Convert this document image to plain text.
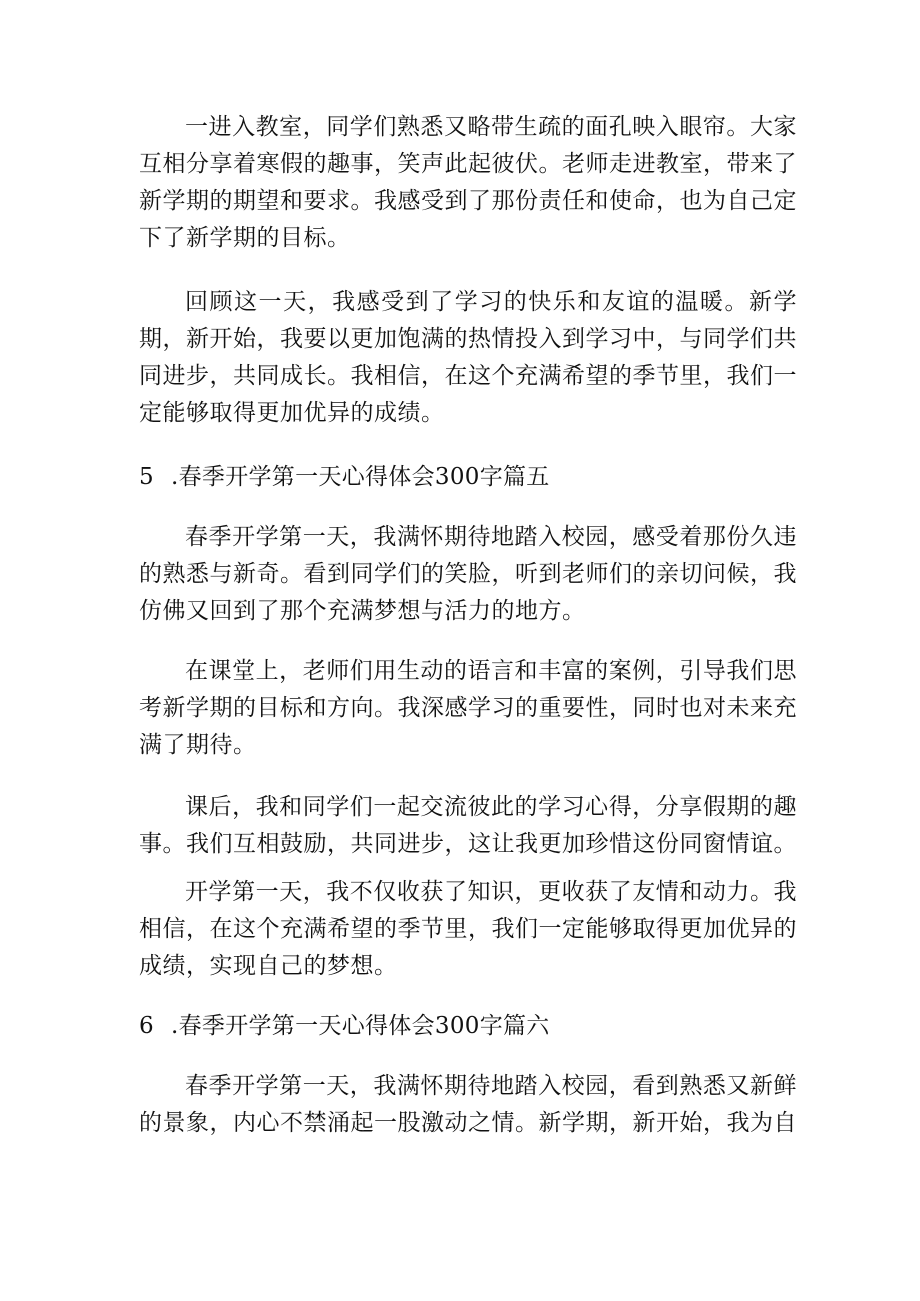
一进入教室，同学们熟悉又略带生疏的面孔映入眼帘。大家互相分享着寒假的趣事，笑声此起彼伏。老师走进教室，带来了新学期的期望和要求。我感受到了那份责任和使命，也为自己定下了新学期的目标。

回顾这一天，我感受到了学习的快乐和友谊的温暖。新学期，新开始，我要以更加饱满的热情投入到学习中，与同学们共同进步，共同成长。我相信，在这个充满希望的季节里，我们一定能够取得更加优异的成绩。

5 .春季开学第一天心得体会300字篇五

春季开学第一天，我满怀期待地踏入校园，感受着那份久违的熟悉与新奇。看到同学们的笑脸，听到老师们的亲切问候，我仿佛又回到了那个充满梦想与活力的地方。

在课堂上，老师们用生动的语言和丰富的案例，引导我们思考新学期的目标和方向。我深感学习的重要性，同时也对未来充满了期待。

课后，我和同学们一起交流彼此的学习心得，分享假期的趣事。我们互相鼓励，共同进步，这让我更加珍惜这份同窗情谊。

开学第一天，我不仅收获了知识，更收获了友情和动力。我相信，在这个充满希望的季节里，我们一定能够取得更加优异的成绩，实现自己的梦想。

6 .春季开学第一天心得体会300字篇六

春季开学第一天，我满怀期待地踏入校园，看到熟悉又新鲜的景象，内心不禁涌起一股激动之情。新学期，新开始，我为自
